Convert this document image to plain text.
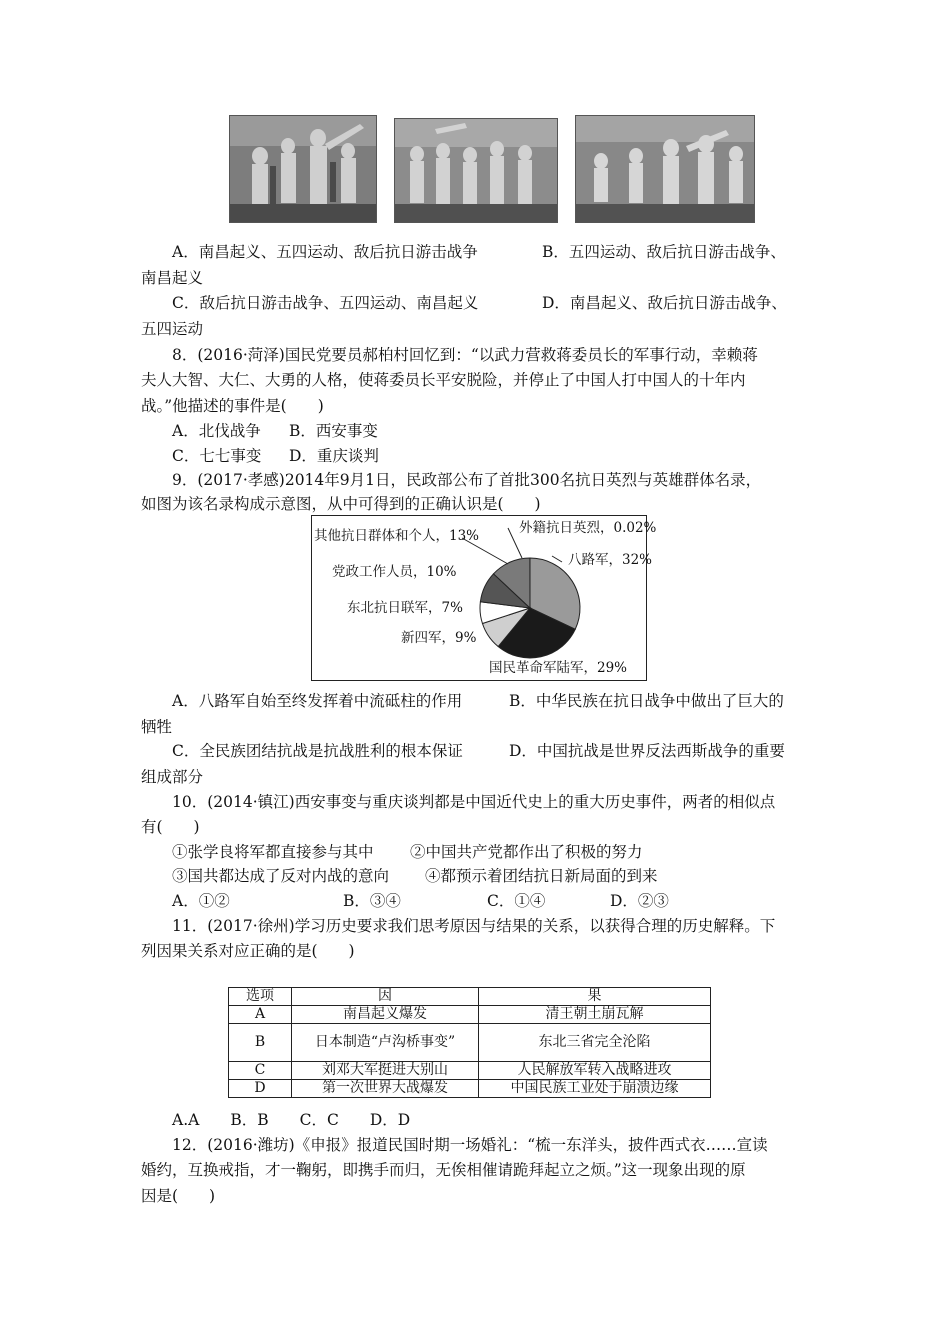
A．南昌起义、五四运动、敌后抗日游击战争	B．五四运动、敌后抗日游击战争、
南昌起义
C．敌后抗日游击战争、五四运动、南昌起义	D．南昌起义、敌后抗日游击战争、
五四运动
8．(2016·菏泽)国民党要员郝柏村回忆到：“以武力营救蒋委员长的军事行动，幸赖蒋
夫人大智、大仁、大勇的人格，使蒋委员长平安脱险，并停止了中国人打中国人的十年内
战。”他描述的事件是(　　)
A．北伐战争 B．西安事变
C．七七事变 D．重庆谈判
9．(2017·孝感)2014年9月1日，民政部公布了首批300名抗日英烈与英雄群体名录，
如图为该名录构成示意图，从中可得到的正确认识是(　　)
其他抗日群体和个人，13%	外籍抗日英烈，0.02%
八路军，32%
党政工作人员，10%
东北抗日联军，7%
新四军，9%
国民革命军陆军，29%
A．八路军自始至终发挥着中流砥柱的作用	B．中华民族在抗日战争中做出了巨大的
牺牲
C．全民族团结抗战是抗战胜利的根本保证	D．中国抗战是世界反法西斯战争的重要
组成部分
10．(2014·镇江)西安事变与重庆谈判都是中国近代史上的重大历史事件，两者的相似点
有(　　)
①张学良将军都直接参与其中 ②中国共产党都作出了积极的努力
③国共都达成了反对内战的意向 ④都预示着团结抗日新局面的到来
A．①②	B．③④	C．①④	D．②③
11．(2017·徐州)学习历史要求我们思考原因与结果的关系，以获得合理的历史解释。下
列因果关系对应正确的是(　　)
选项	因	果
A	南昌起义爆发	清王朝土崩瓦解
B	日本制造“卢沟桥事变”	东北三省完全沦陷
C	刘邓大军挺进大别山	人民解放军转入战略进攻
D	第一次世界大战爆发	中国民族工业处于崩溃边缘
A.A　　B．B　　C．C　　D．D
12．(2016·潍坊)《申报》报道民国时期一场婚礼：“梳一东洋头，披件西式衣……宣读
婚约，互换戒指，才一鞠躬，即携手而归，无俟相催请跪拜起立之烦。”这一现象出现的原
因是(　　)
